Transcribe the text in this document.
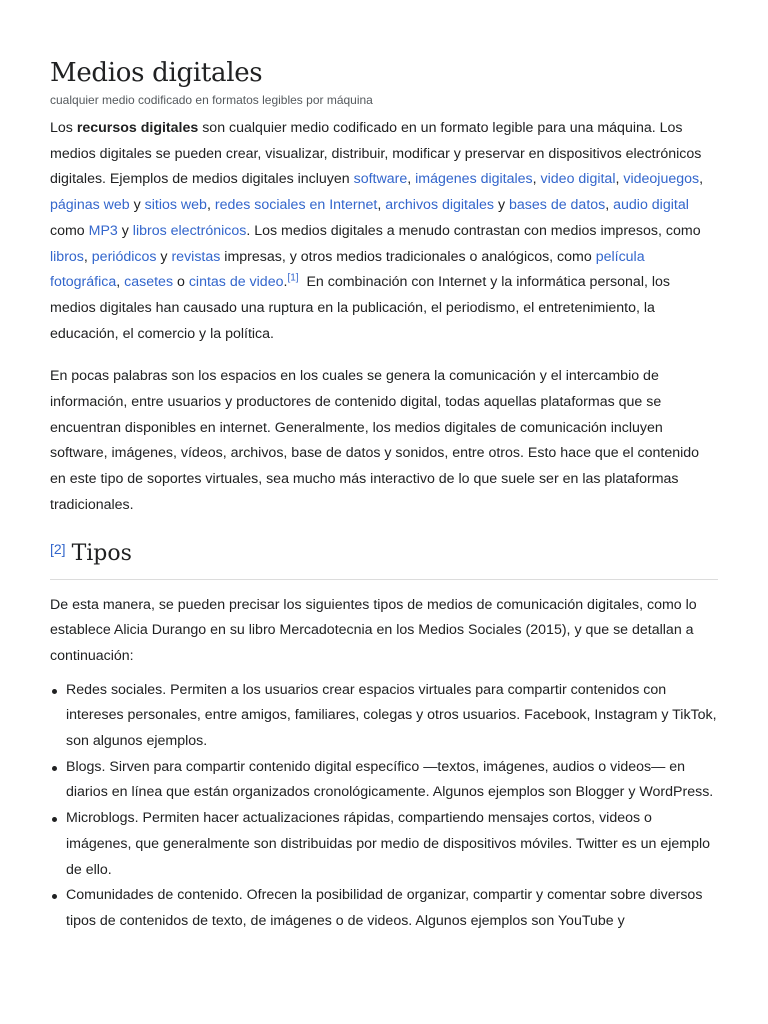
Medios digitales
cualquier medio codificado en formatos legibles por máquina

Los recursos digitales son cualquier medio codificado en un formato legible para una máquina. Los medios digitales se pueden crear, visualizar, distribuir, modificar y preservar en dispositivos electrónicos digitales. Ejemplos de medios digitales incluyen software, imágenes digitales, video digital, videojuegos, páginas web y sitios web, redes sociales en Internet, archivos digitales y bases de datos, audio digital como MP3 y libros electrónicos. Los medios digitales a menudo contrastan con medios impresos, como libros, periódicos y revistas impresas, y otros medios tradicionales o analógicos, como película fotográfica, casetes o cintas de video.[1]  En combinación con Internet y la informática personal, los medios digitales han causado una ruptura en la publicación, el periodismo, el entretenimiento, la educación, el comercio y la política.

En pocas palabras son los espacios en los cuales se genera la comunicación y el intercambio de información, entre usuarios y productores de contenido digital, todas aquellas plataformas que se encuentran disponibles en internet. Generalmente, los medios digitales de comunicación incluyen software, imágenes, vídeos, archivos, base de datos y sonidos, entre otros. Esto hace que el contenido en este tipo de soportes virtuales, sea mucho más interactivo de lo que suele ser en las plataformas tradicionales.

[2] Tipos

De esta manera, se pueden precisar los siguientes tipos de medios de comunicación digitales, como lo establece Alicia Durango en su libro Mercadotecnia en los Medios Sociales (2015), y que se detallan a continuación:

Redes sociales. Permiten a los usuarios crear espacios virtuales para compartir contenidos con intereses personales, entre amigos, familiares, colegas y otros usuarios. Facebook, Instagram y TikTok, son algunos ejemplos.
Blogs. Sirven para compartir contenido digital específico —textos, imágenes, audios o videos— en diarios en línea que están organizados cronológicamente. Algunos ejemplos son Blogger y WordPress.
Microblogs. Permiten hacer actualizaciones rápidas, compartiendo mensajes cortos, videos o imágenes, que generalmente son distribuidas por medio de dispositivos móviles. Twitter es un ejemplo de ello.
Comunidades de contenido. Ofrecen la posibilidad de organizar, compartir y comentar sobre diversos tipos de contenidos de texto, de imágenes o de videos. Algunos ejemplos son YouTube y
